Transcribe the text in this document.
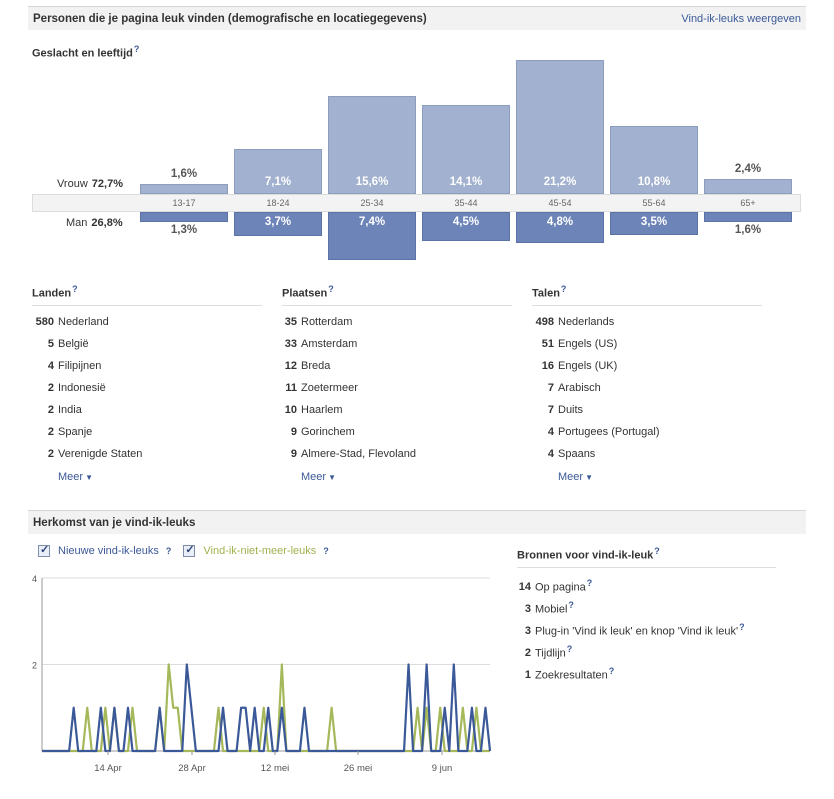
Personen die je pagina leuk vinden (demografische en locatiegegevens)	Vind-ik-leuks weergeven
Geslacht en leeftijd?
Vrouw 72,7%
Man 26,8%
1,6%
1,3%
13-17
7,1%
3,7%
18-24
15,6%
7,4%
25-34
14,1%
4,5%
35-44
21,2%
4,8%
45-54
10,8%
3,5%
55-64
2,4%
1,6%
65+
Landen?
580 Nederland
5 België
4 Filipijnen
2 Indonesië
2 India
2 Spanje
2 Verenigde Staten
Meer ▼
Plaatsen?
35 Rotterdam
33 Amsterdam
12 Breda
11 Zoetermeer
10 Haarlem
9 Gorinchem
9 Almere-Stad, Flevoland
Meer ▼
Talen?
498 Nederlands
51 Engels (US)
16 Engels (UK)
7 Arabisch
7 Duits
4 Portugees (Portugal)
4 Spaans
Meer ▼
Herkomst van je vind-ik-leuks
✓
Nieuwe vind-ik-leuks ?
✓	Vind-ik-niet-meer-leuks ?
4
2
14 Apr	28 Apr	12 mei	26 mei	9 jun
Bronnen voor vind-ik-leuk?
14 Op pagina?
3 Mobiel?
3 Plug-in 'Vind ik leuk' en knop 'Vind ik leuk'?
2 Tijdlijn?
1 Zoekresultaten?
